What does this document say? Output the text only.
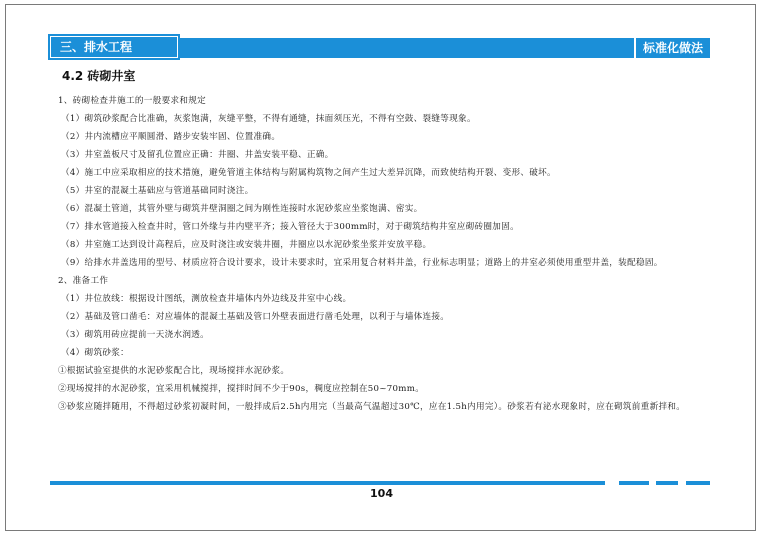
三、排水工程	标准化做法
4.2 砖砌井室
1、砖砌检查井施工的一般要求和规定
（1）砌筑砂浆配合比准确，灰浆饱满，灰缝平整，不得有通缝，抹面须压光，不得有空鼓、裂缝等现象。
（2）井内流槽应平顺圆滑、踏步安装牢固、位置准确。
（3）井室盖板尺寸及留孔位置应正确：井圈、井盖安装平稳、正确。
（4）施工中应采取相应的技术措施，避免管道主体结构与附属构筑物之间产生过大差异沉降，而致使结构开裂、变形、破坏。
（5）井室的混凝土基础应与管道基础同时浇注。
（6）混凝土管道，其管外壁与砌筑井壁洞圈之间为刚性连接时水泥砂浆应坐浆饱满、密实。
（7）排水管道接入检查井时，管口外缘与井内壁平齐；接入管径大于300mm时，对于砌筑结构井室应砌砖圈加固。
（8）井室施工达到设计高程后，应及时浇注或安装井圈，井圈应以水泥砂浆坐浆并安放平稳。
（9）给排水井盖选用的型号、材质应符合设计要求，设计未要求时，宜采用复合材料井盖，行业标志明显；道路上的井室必须使用重型井盖，装配稳固。
2、准备工作
（1）井位放线：根据设计图纸，测放检查井墙体内外边线及井室中心线。
（2）基础及管口凿毛：对应墙体的混凝土基础及管口外壁表面进行凿毛处理，以利于与墙体连接。
（3）砌筑用砖应提前一天浇水润透。
（4）砌筑砂浆：
①根据试验室提供的水泥砂浆配合比，现场搅拌水泥砂浆。
②现场搅拌的水泥砂浆，宜采用机械搅拌，搅拌时间不少于90s，稠度应控制在50~70mm。
③砂浆应随拌随用，不得超过砂浆初凝时间，一般拌成后2.5h内用完（当最高气温超过30℃，应在1.5h内用完）。砂浆若有泌水现象时，应在砌筑前重新拌和。
104
